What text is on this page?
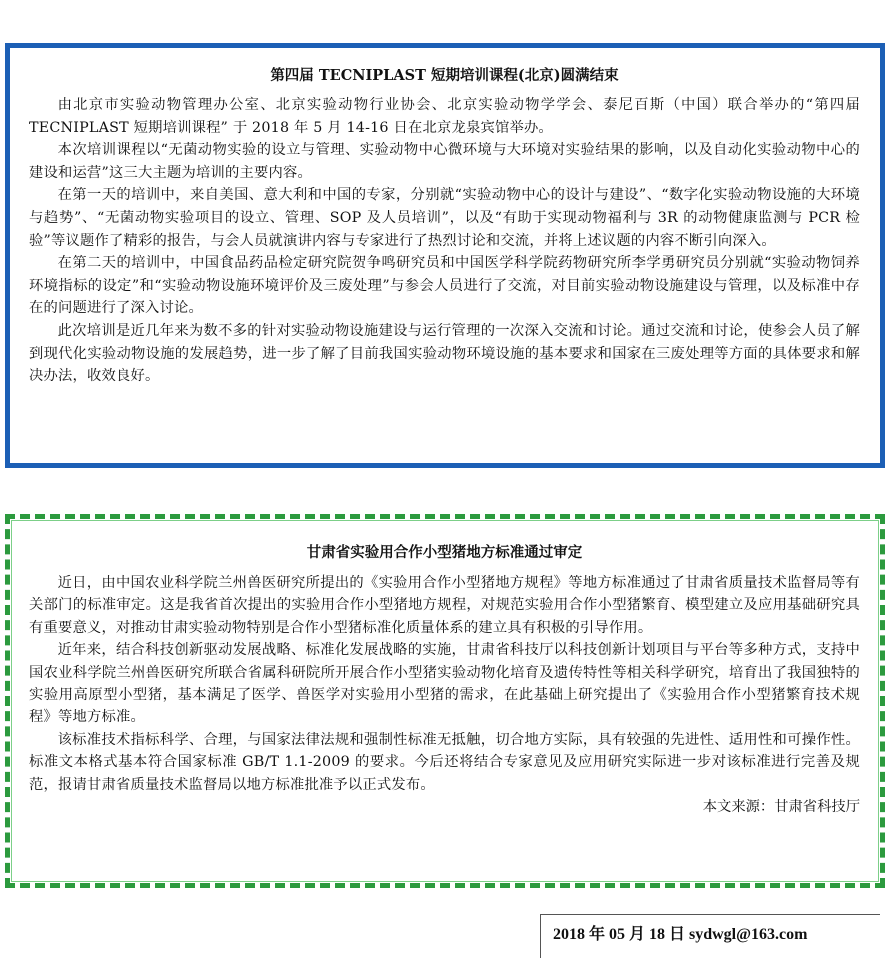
第四届 TECNIPLAST 短期培训课程(北京)圆满结束

由北京市实验动物管理办公室、北京实验动物行业协会、北京实验动物学学会、泰尼百斯（中国）联合举办的“第四届 TECNIPLAST 短期培训课程” 于 2018 年 5 月 14-16 日在北京龙泉宾馆举办。

本次培训课程以“无菌动物实验的设立与管理、实验动物中心微环境与大环境对实验结果的影响，以及自动化实验动物中心的建设和运营”这三大主题为培训的主要内容。

在第一天的培训中，来自美国、意大利和中国的专家，分别就“实验动物中心的设计与建设”、“数字化实验动物设施的大环境与趋势”、“无菌动物实验项目的设立、管理、SOP 及人员培训”，以及“有助于实现动物福利与 3R 的动物健康监测与 PCR 检验”等议题作了精彩的报告，与会人员就演讲内容与专家进行了热烈讨论和交流，并将上述议题的内容不断引向深入。

在第二天的培训中，中国食品药品检定研究院贺争鸣研究员和中国医学科学院药物研究所李学勇研究员分别就“实验动物饲养环境指标的设定”和“实验动物设施环境评价及三废处理”与参会人员进行了交流，对目前实验动物设施建设与管理，以及标准中存在的问题进行了深入讨论。

此次培训是近几年来为数不多的针对实验动物设施建设与运行管理的一次深入交流和讨论。通过交流和讨论，使参会人员了解到现代化实验动物设施的发展趋势，进一步了解了目前我国实验动物环境设施的基本要求和国家在三废处理等方面的具体要求和解决办法，收效良好。

甘肃省实验用合作小型猪地方标准通过审定

近日，由中国农业科学院兰州兽医研究所提出的《实验用合作小型猪地方规程》等地方标准通过了甘肃省质量技术监督局等有关部门的标准审定。这是我省首次提出的实验用合作小型猪地方规程，对规范实验用合作小型猪繁育、模型建立及应用基础研究具有重要意义，对推动甘肃实验动物特别是合作小型猪标准化质量体系的建立具有积极的引导作用。

近年来，结合科技创新驱动发展战略、标准化发展战略的实施，甘肃省科技厅以科技创新计划项目与平台等多种方式，支持中国农业科学院兰州兽医研究所联合省属科研院所开展合作小型猪实验动物化培育及遗传特性等相关科学研究，培育出了我国独特的实验用高原型小型猪，基本满足了医学、兽医学对实验用小型猪的需求，在此基础上研究提出了《实验用合作小型猪繁育技术规程》等地方标准。

该标准技术指标科学、合理，与国家法律法规和强制性标准无抵触，切合地方实际，具有较强的先进性、适用性和可操作性。标准文本格式基本符合国家标准 GB/T 1.1-2009 的要求。今后还将结合专家意见及应用研究实际进一步对该标准进行完善及规范，报请甘肃省质量技术监督局以地方标准批准予以正式发布。

本文来源：甘肃省科技厅

2018 年 05 月 18 日 sydwgl@163.com
